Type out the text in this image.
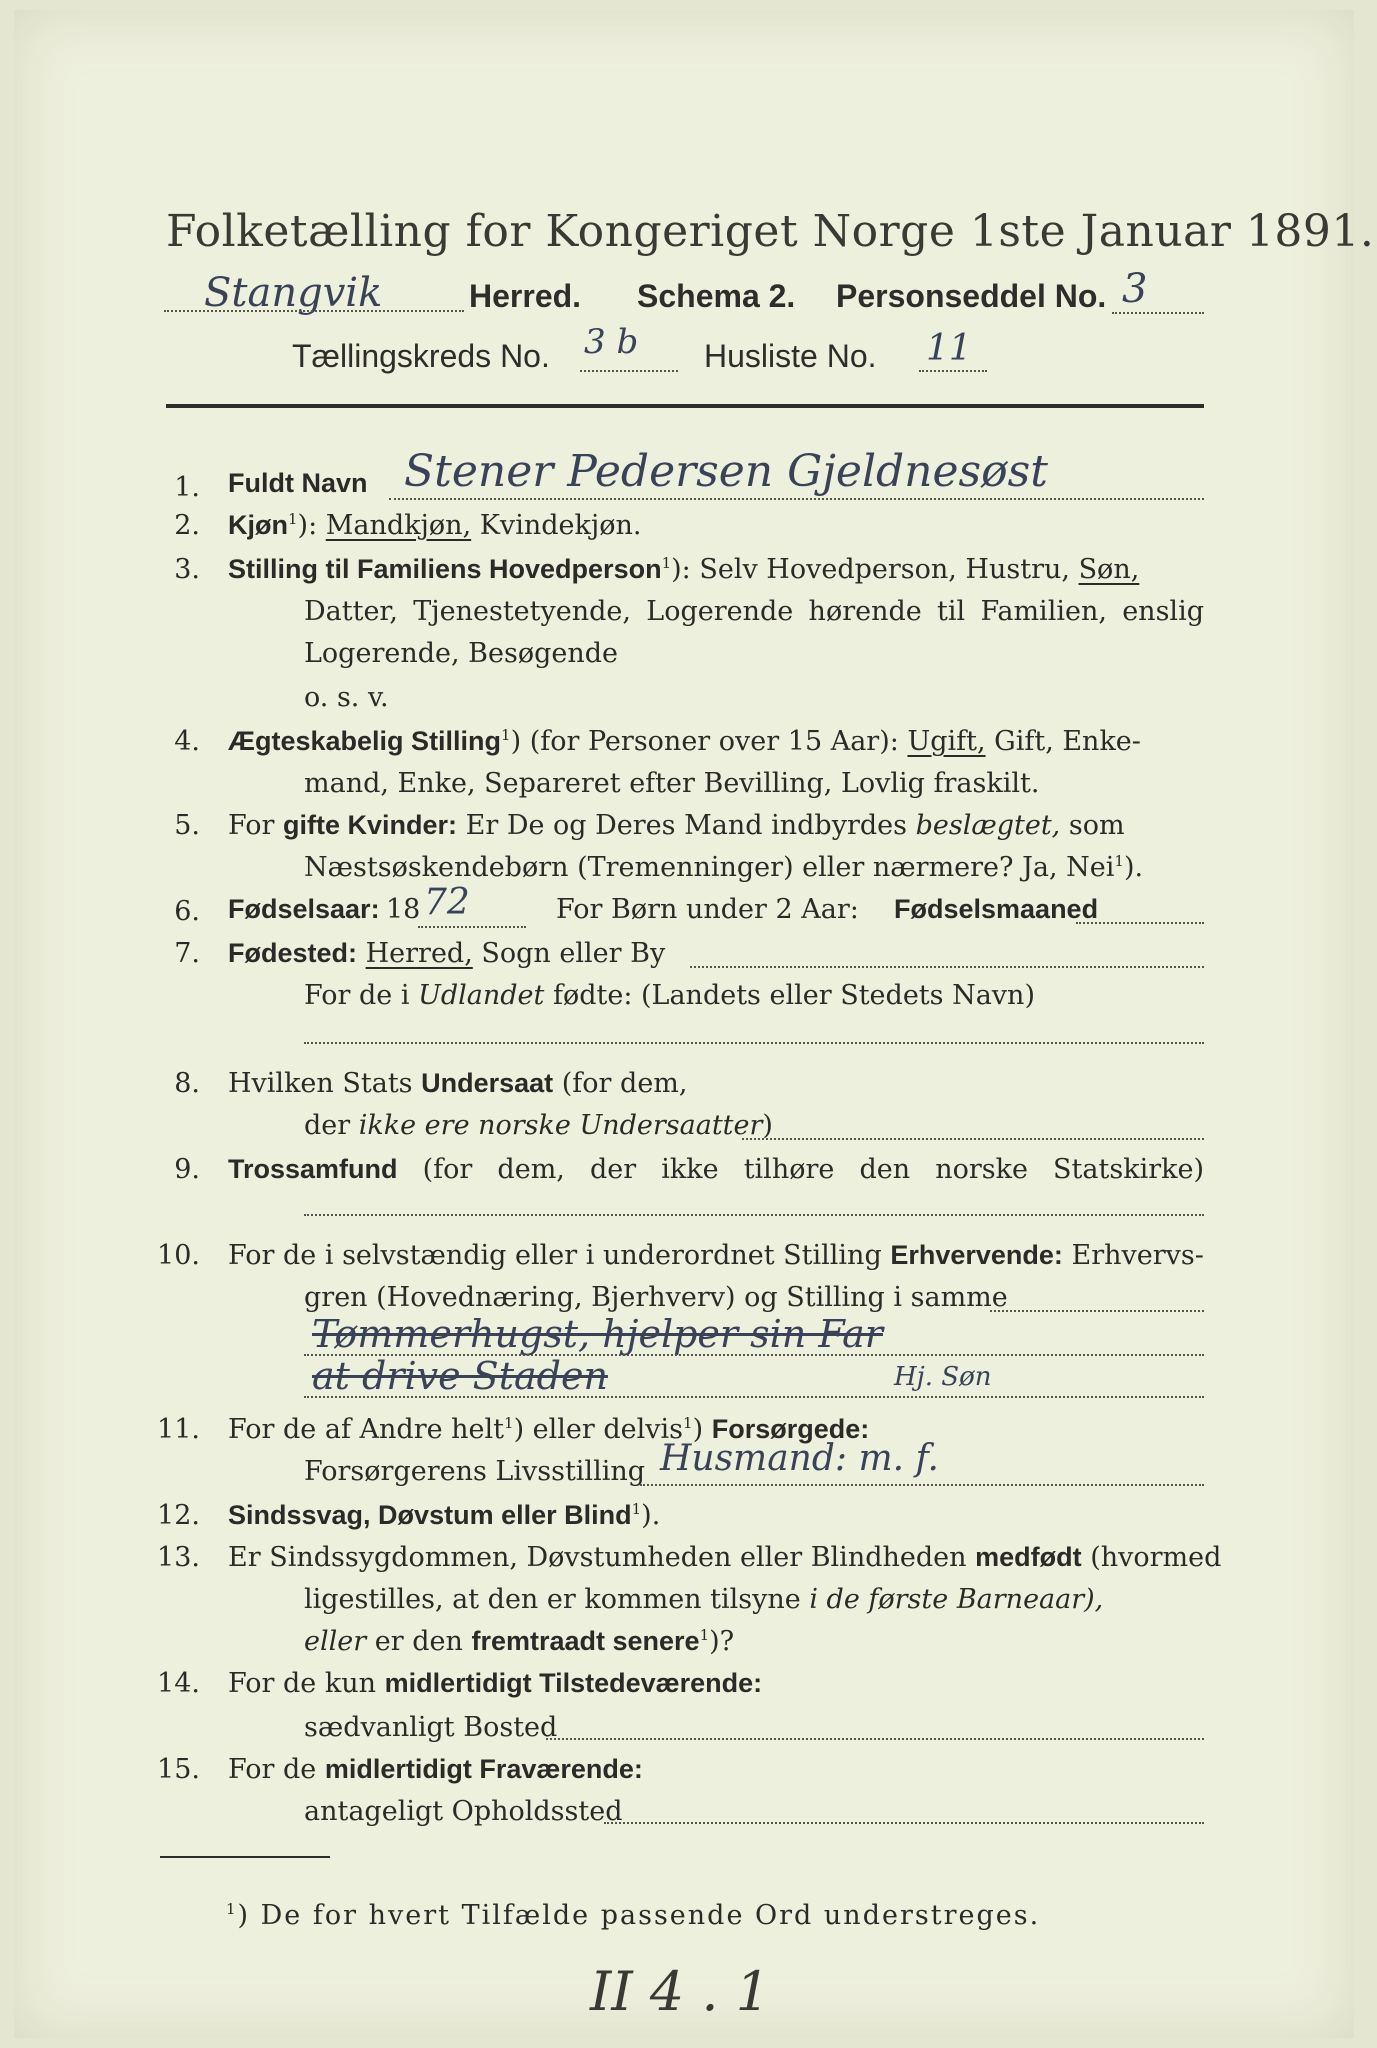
Folketælling for Kongeriget Norge 1ste Januar 1891.
Stangvik	Herred. Schema 2. Personseddel No. 3
Tællingskreds No. 3 b Husliste No. 11
1. Fuldt Navn Stener Pedersen Gjeldnesøst
2. Kjøn$^1$): Mandkjøn, Kvindekjøn.
3. Stilling til Familiens Hovedperson$^1$): Selv Hovedperson, Hustru, Søn,
Datter, Tjenestetyende, Logerende hørende til Familien, enslig
Logerende, Besøgende
o. s. v.
4. Ægteskabelig Stilling$^1$) (for Personer over 15 Aar): Ugift, Gift, Enke-
mand, Enke, Separeret efter Bevilling, Lovlig fraskilt.
5. For gifte Kvinder: Er De og Deres Mand indbyrdes beslægtet, som
Næstsøskendebørn (Tremenninger) eller nærmere? Ja, Nei$^1$).
6. Fødselsaar: 18 72	For Børn under 2 Aar: Fødselsmaaned
7. Fødested: Herred, Sogn eller By
For de i Udlandet fødte: (Landets eller Stedets Navn)
8. Hvilken Stats Undersaat (for dem,
der ikke ere norske Undersaatter)
9. Trossamfund (for dem, der ikke tilhøre den norske Statskirke)
10. For de i selvstændig eller i underordnet Stilling Erhvervende: Erhvervs-
gren (Hovednæring, Bjerhverv) og Stilling i samme
Tømmerhugst, hjelper sin Far
at drive Staden	Hj. Søn
11. For de af Andre helt$^1$) eller delvis$^1$) Forsørgede:
Forsørgerens Livsstilling Husmand: m. f.
12. Sindssvag, Døvstum eller Blind$^1$).
13. Er Sindssygdommen, Døvstumheden eller Blindheden medfødt (hvormed
ligestilles, at den er kommen tilsyne i de første Barneaar),
eller er den fremtraadt senere$^1$)?
14. For de kun midlertidigt Tilstedeværende:
sædvanligt Bosted
15. For de midlertidigt Fraværende:
antageligt Opholdssted
$^1$) De for hvert Tilfælde passende Ord understreges.
II 4 . 1
